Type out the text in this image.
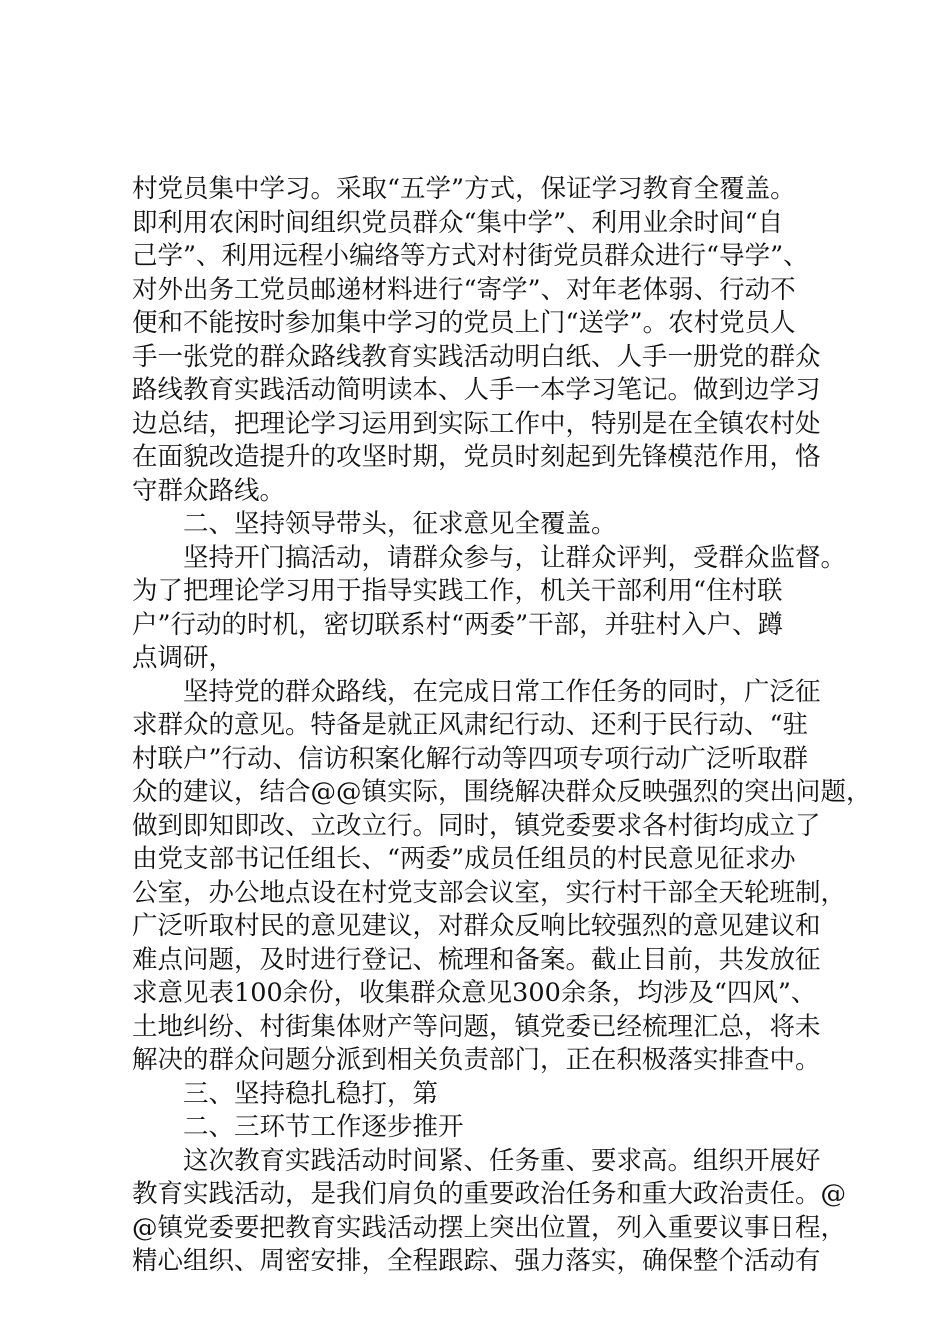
村党员集中学习。采取“五学”方式，保证学习教育全覆盖。
即利用农闲时间组织党员群众“集中学”、利用业余时间“自
己学”、利用远程小编络等方式对村街党员群众进行“导学”、
对外出务工党员邮递材料进行“寄学”、对年老体弱、行动不
便和不能按时参加集中学习的党员上门“送学”。农村党员人
手一张党的群众路线教育实践活动明白纸、人手一册党的群众
路线教育实践活动简明读本、人手一本学习笔记。做到边学习
边总结，把理论学习运用到实际工作中，特别是在全镇农村处
在面貌改造提升的攻坚时期，党员时刻起到先锋模范作用，恪
守群众路线。
二、坚持领导带头，征求意见全覆盖。
坚持开门搞活动，请群众参与，让群众评判，受群众监督。
为了把理论学习用于指导实践工作，机关干部利用“住村联
户”行动的时机，密切联系村“两委”干部，并驻村入户、蹲
点调研，
坚持党的群众路线，在完成日常工作任务的同时，广泛征
求群众的意见。特备是就正风肃纪行动、还利于民行动、“驻
村联户”行动、信访积案化解行动等四项专项行动广泛听取群
众的建议，结合@@镇实际，围绕解决群众反映强烈的突出问题，
做到即知即改、立改立行。同时，镇党委要求各村街均成立了
由党支部书记任组长、“两委”成员任组员的村民意见征求办
公室，办公地点设在村党支部会议室，实行村干部全天轮班制，
广泛听取村民的意见建议，对群众反响比较强烈的意见建议和
难点问题，及时进行登记、梳理和备案。截止目前，共发放征
求意见表100余份，收集群众意见300余条，均涉及“四风”、
土地纠纷、村街集体财产等问题，镇党委已经梳理汇总，将未
解决的群众问题分派到相关负责部门，正在积极落实排查中。
三、坚持稳扎稳打，第
二、三环节工作逐步推开
这次教育实践活动时间紧、任务重、要求高。组织开展好
教育实践活动，是我们肩负的重要政治任务和重大政治责任。@
@镇党委要把教育实践活动摆上突出位置，列入重要议事日程，
精心组织、周密安排，全程跟踪、强力落实，确保整个活动有
